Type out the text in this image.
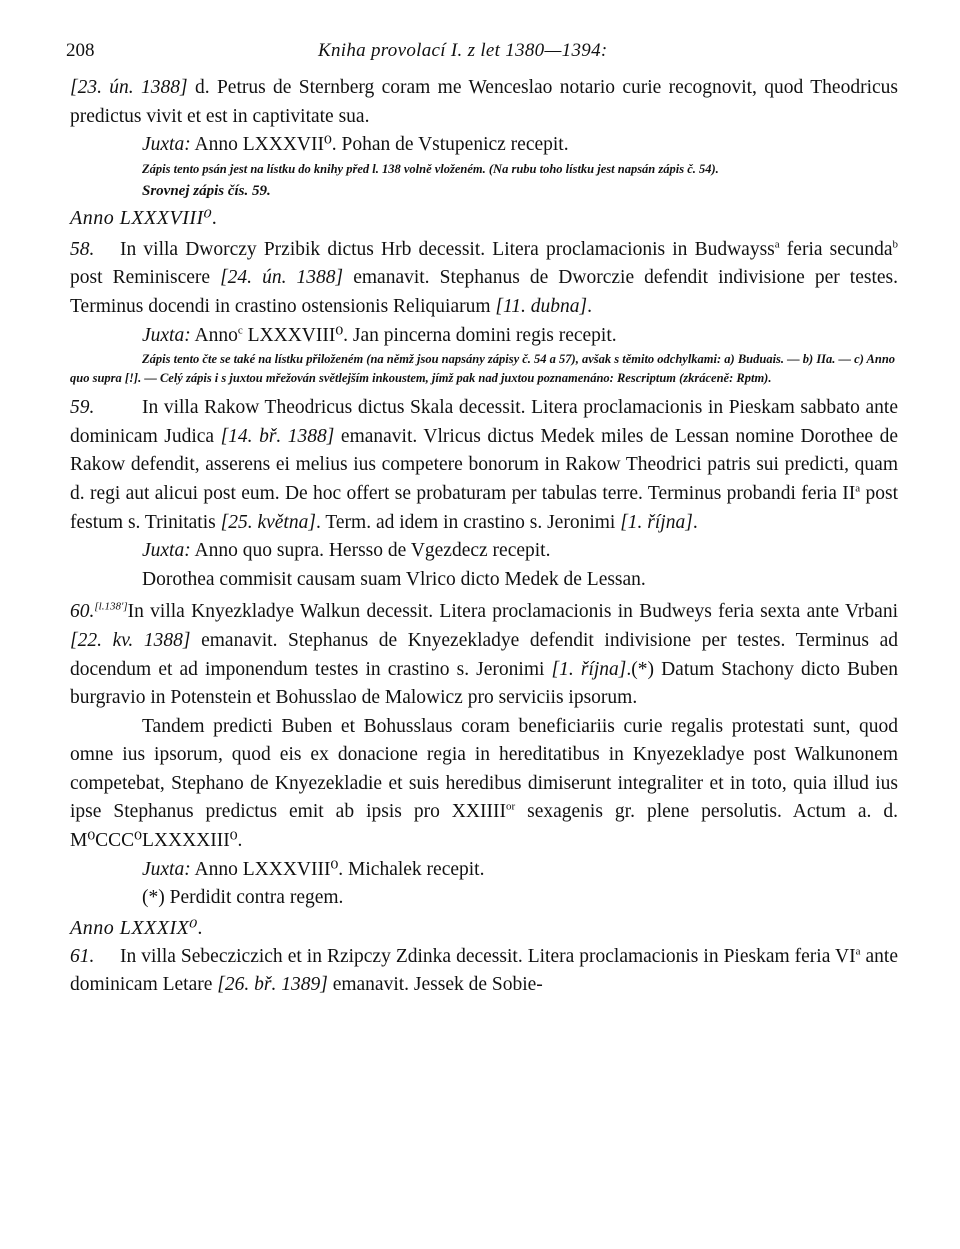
208	Kniha provolací I. z let 1380—1394:

[23. ún. 1388] d. Petrus de Sternberg coram me Wenceslao notario curie recognovit, quod Theodricus predictus vivit et est in captivitate sua.

Juxta: Anno LXXXVII⁰. Pohan de Vstupenicz recepit.

Zápis tento psán jest na lístku do knihy před l. 138 volně vloženém. (Na rubu toho lístku jest napsán zápis č. 54).

Srovnej zápis čís. 59.

Anno LXXXVIII⁰.

58. In villa Dworczy Przibik dictus Hrb decessit. Litera proclamacionis in Budwayss$^a$ feria secunda$^b$ post Reminiscere [24. ún. 1388] emanavit. Stephanus de Dworczie defendit indivisione per testes. Terminus docendi in crastino ostensionis Reliquiarum [11. dubna].

Juxta: Anno$^c$ LXXXVIII⁰. Jan pincerna domini regis recepit.

Zápis tento čte se také na lístku přiloženém (na němž jsou napsány zápisy č. 54 a 57), avšak s těmito odchylkami: a) Buduais. — b) IIa. — c) Anno quo supra [!]. — Celý zápis i s juxtou mřežován světlejším inkoustem, jímž pak nad juxtou poznamenáno: Rescriptum (zkráceně: Rptm).

59. In villa Rakow Theodricus dictus Skala decessit. Litera proclamacionis in Pieskam sabbato ante dominicam Judica [14. bř. 1388] emanavit. Vlricus dictus Medek miles de Lessan nomine Dorothee de Rakow defendit, asserens ei melius ius competere bonorum in Rakow Theodrici patris sui predicti, quam d. regi aut alicui post eum. De hoc offert se probaturam per tabulas terre. Terminus probandi feria $II^a$ post festum s. Trinitatis [25. května]. Term. ad idem in crastino s. Jeronimi [1. října].

Juxta: Anno quo supra. Hersso de Vgezdecz recepit.

Dorothea commisit causam suam Vlrico dicto Medek de Lessan.

60.[l.138']In villa Knyezkladye Walkun decessit. Litera proclamacionis in Budweys feria sexta ante Vrbani [22. kv. 1388] emanavit. Stephanus de Knyezekladye defendit indivisione per testes. Terminus ad docendum et ad imponendum testes in crastino s. Jeronimi [1. října].(*) Datum Stachony dicto Buben burgravio in Potenstein et Bohusslao de Malowicz pro serviciis ipsorum.

Tandem predicti Buben et Bohusslaus coram beneficiariis curie regalis protestati sunt, quod omne ius ipsorum, quod eis ex donacione regia in hereditatibus in Knyezekladye post Walkunonem competebat, Stephano de Knyezekladie et suis heredibus dimiserunt integraliter et in toto, quia illud ius ipse Stephanus predictus emit ab ipsis pro $XXIIII^{or}$ sexagenis gr. plene persolutis. Actum a. d. M⁰CCC⁰LXXXXIII⁰.

Juxta: Anno LXXXVIII⁰. Michalek recepit.

(*) Perdidit contra regem.

Anno LXXXIX⁰.

61. In villa Sebecziczich et in Rzipczy Zdinka decessit. Litera proclamacionis in Pieskam feria $VI^a$ ante dominicam Letare [26. bř. 1389] emanavit. Jessek de Sobie-
